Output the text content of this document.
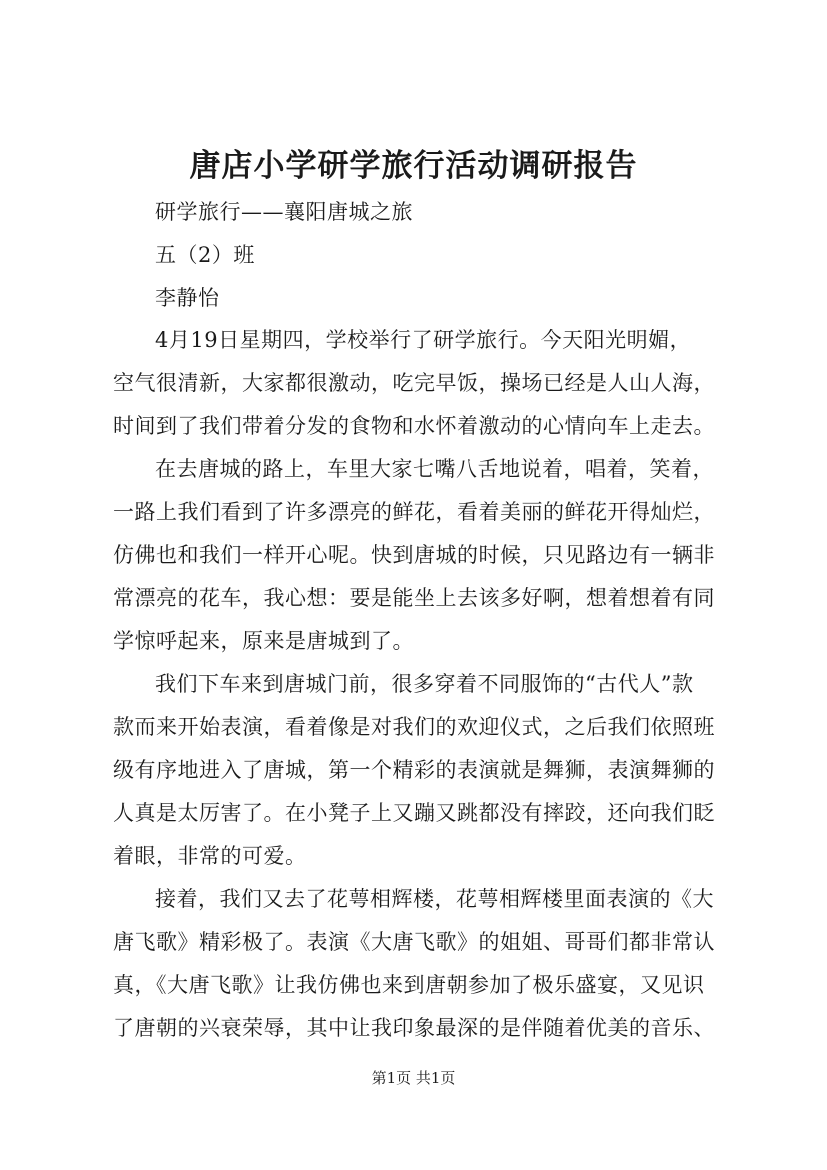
唐店小学研学旅行活动调研报告
研学旅行——襄阳唐城之旅
五（2）班
李静怡
4月19日星期四，学校举行了研学旅行。今天阳光明媚，
空气很清新，大家都很激动，吃完早饭，操场已经是人山人海，
时间到了我们带着分发的食物和水怀着激动的心情向车上走去。
在去唐城的路上，车里大家七嘴八舌地说着，唱着，笑着，
一路上我们看到了许多漂亮的鲜花，看着美丽的鲜花开得灿烂，
仿佛也和我们一样开心呢。快到唐城的时候，只见路边有一辆非
常漂亮的花车，我心想：要是能坐上去该多好啊，想着想着有同
学惊呼起来，原来是唐城到了。
我们下车来到唐城门前，很多穿着不同服饰的“古代人”款
款而来开始表演，看着像是对我们的欢迎仪式，之后我们依照班
级有序地进入了唐城，第一个精彩的表演就是舞狮，表演舞狮的
人真是太厉害了。在小凳子上又蹦又跳都没有摔跤，还向我们眨
着眼，非常的可爱。
接着，我们又去了花萼相辉楼，花萼相辉楼里面表演的《大
唐飞歌》精彩极了。表演《大唐飞歌》的姐姐、哥哥们都非常认
真，《大唐飞歌》让我仿佛也来到唐朝参加了极乐盛宴，又见识
了唐朝的兴衰荣辱，其中让我印象最深的是伴随着优美的音乐、
第1页 共1页
